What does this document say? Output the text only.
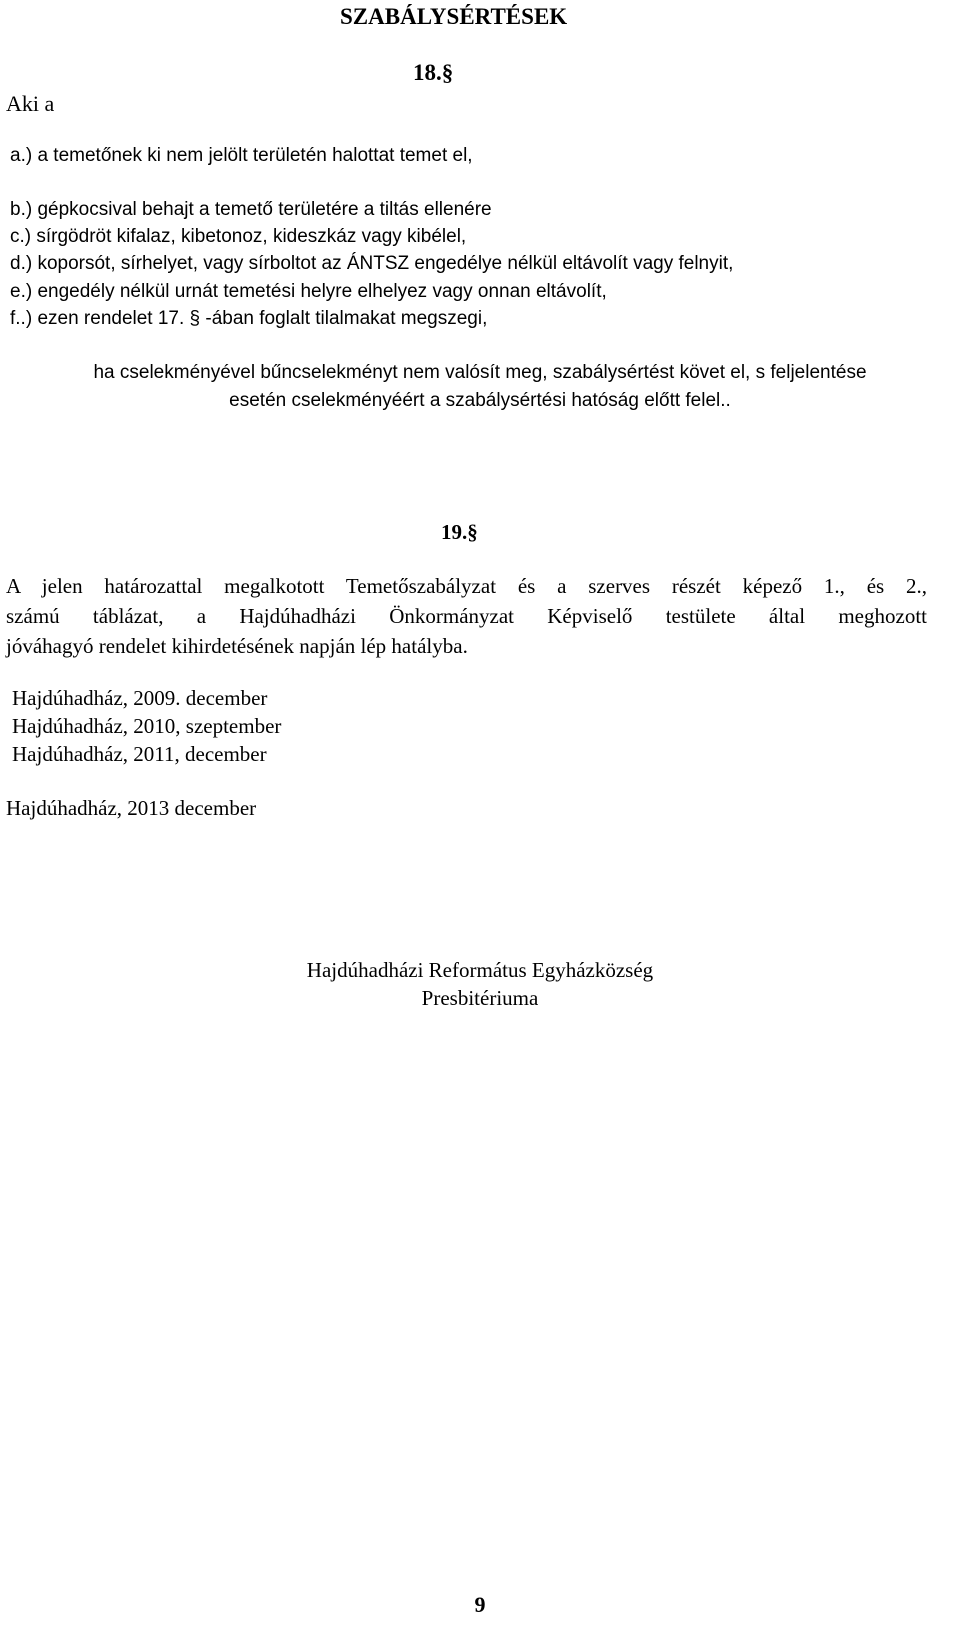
SZABÁLYSÉRTÉSEK
18.§
Aki a
a.) a temetőnek ki nem jelölt területén halottat temet el,
b.) gépkocsival behajt a temető területére a tiltás ellenére
c.) sírgödröt kifalaz, kibetonoz, kideszkáz vagy kibélel,
d.) koporsót, sírhelyet, vagy sírboltot az ÁNTSZ engedélye nélkül eltávolít vagy felnyit,
e.) engedély nélkül urnát temetési helyre elhelyez vagy onnan eltávolít,
f..) ezen rendelet 17. § -ában foglalt tilalmakat megszegi,
ha cselekményével bűncselekményt nem valósít meg, szabálysértést követ el, s feljelentése
esetén cselekményéért a szabálysértési hatóság előtt felel..
19.§
A jelen határozattal megalkotott Temetőszabályzat és a szerves részét képező 1., és 2.,
számú táblázat, a Hajdúhadházi Önkormányzat Képviselő testülete által meghozott
jóváhagyó rendelet kihirdetésének napján lép hatályba.
Hajdúhadház, 2009. december
Hajdúhadház, 2010, szeptember
Hajdúhadház, 2011, december
Hajdúhadház, 2013 december
Hajdúhadházi Református Egyházközség
Presbitériuma
9
